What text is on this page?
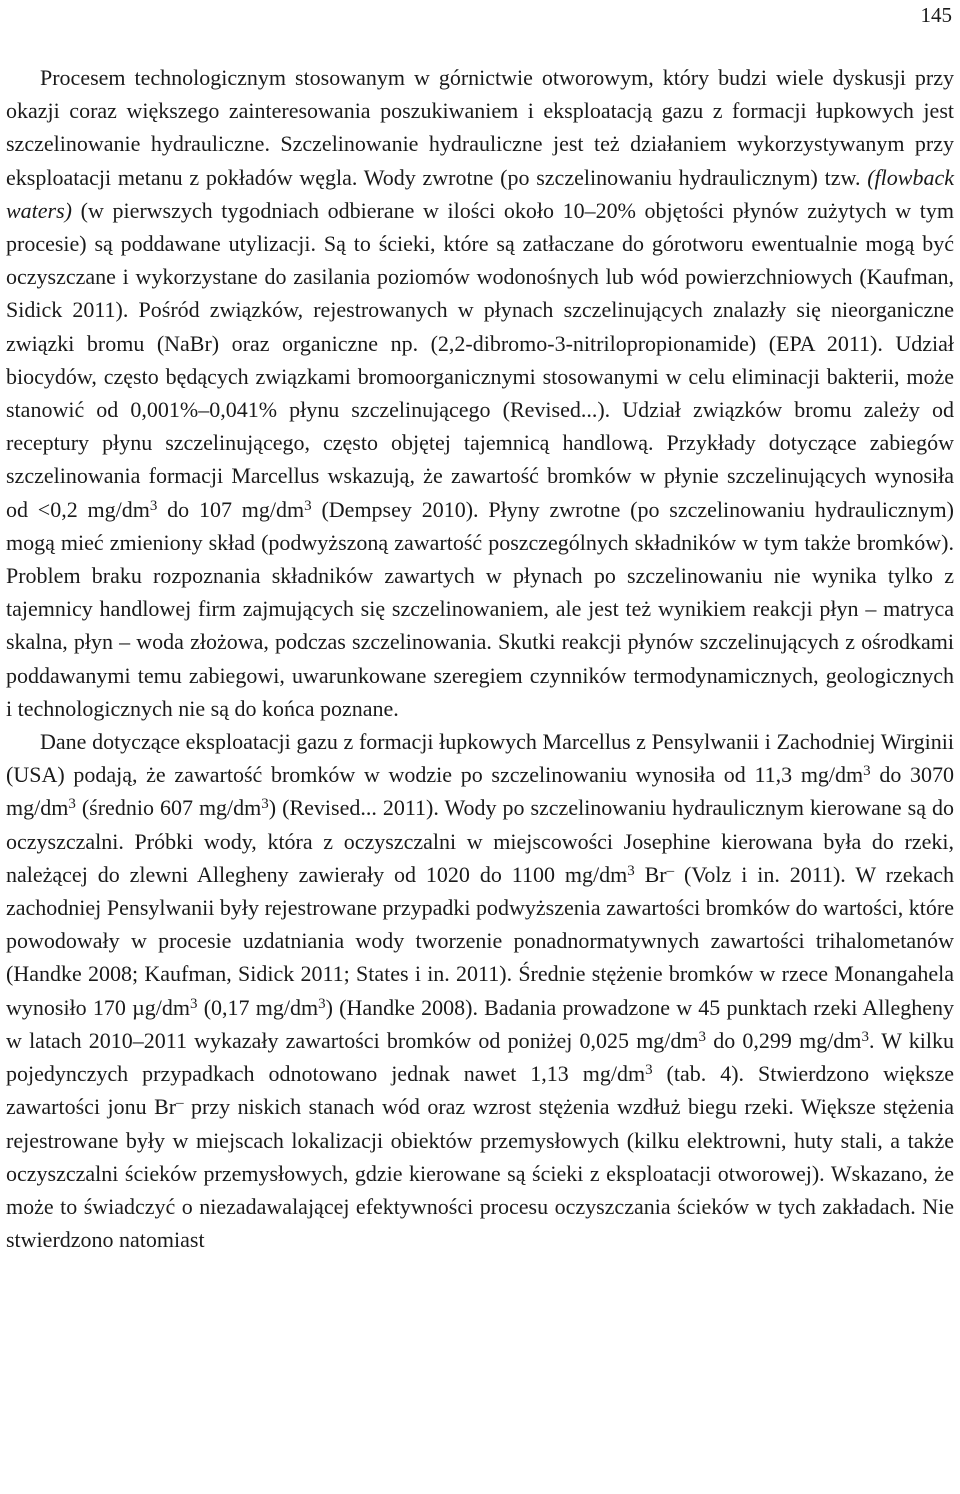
145

Procesem technologicznym stosowanym w górnictwie otworowym, który budzi wiele dyskusji przy okazji coraz większego zainteresowania poszukiwaniem i eksploatacją gazu z formacji łupkowych jest szczelinowanie hydrauliczne. Szczelinowanie hydrauliczne jest też działaniem wykorzystywanym przy eksploatacji metanu z pokładów węgla. Wody zwrotne (po szczelinowaniu hydraulicznym) tzw. (flowback waters) (w pierwszych tygodniach odbierane w ilości około 10–20% objętości płynów zużytych w tym procesie) są poddawane utylizacji. Są to ścieki, które są zatłaczane do górotworu ewentualnie mogą być oczyszczane i wykorzystane do zasilania poziomów wodonośnych lub wód powierzchniowych (Kaufman, Sidick 2011). Pośród związków, rejestrowanych w płynach szczelinujących znalazły się nieorganiczne związki bromu (NaBr) oraz organiczne np. (2,2-dibromo-3-nitrilopropionamide) (EPA 2011). Udział biocydów, często będących związkami bromoorganicznymi stosowanymi w celu eliminacji bakterii, może stanowić od 0,001%–0,041% płynu szczelinującego (Revised...). Udział związków bromu zależy od receptury płynu szczelinującego, często objętej tajemnicą handlową. Przykłady dotyczące zabiegów szczelinowania formacji Marcellus wskazują, że zawartość bromków w płynie szczelinujących wynosiła od <0,2 $mg/dm^3$ do 107 $mg/dm^3$ (Dempsey 2010). Płyny zwrotne (po szczelinowaniu hydraulicznym) mogą mieć zmieniony skład (podwyższoną zawartość poszczególnych składników w tym także bromków). Problem braku rozpoznania składników zawartych w płynach po szczelinowaniu nie wynika tylko z tajemnicy handlowej firm zajmujących się szczelinowaniem, ale jest też wynikiem reakcji płyn – matryca skalna, płyn – woda złożowa, podczas szczelinowania. Skutki reakcji płynów szczelinujących z ośrodkami poddawanymi temu zabiegowi, uwarunkowane szeregiem czynników termodynamicznych, geologicznych i technologicznych nie są do końca poznane.

Dane dotyczące eksploatacji gazu z formacji łupkowych Marcellus z Pensylwanii i Zachodniej Wirginii (USA) podają, że zawartość bromków w wodzie po szczelinowaniu wynosiła od 11,3 $mg/dm^3$ do 3070 $mg/dm^3$ (średnio 607 $mg/dm^3$) (Revised... 2011). Wody po szczelinowaniu hydraulicznym kierowane są do oczyszczalni. Próbki wody, która z oczyszczalni w miejscowości Josephine kierowana była do rzeki, należącej do zlewni Allegheny zawierały od 1020 do 1100 $mg/dm^3$ Br– (Volz i in. 2011). W rzekach zachodniej Pensylwanii były rejestrowane przypadki podwyższenia zawartości bromków do wartości, które powodowały w procesie uzdatniania wody tworzenie ponadnormatywnych zawartości trihalometanów (Handke 2008; Kaufman, Sidick 2011; States i in. 2011). Średnie stężenie bromków w rzece Monangahela wynosiło 170 $\mu g/dm^3$ (0,17 $mg/dm^3$) (Handke 2008). Badania prowadzone w 45 punktach rzeki Allegheny w latach 2010–2011 wykazały zawartości bromków od poniżej 0,025 $mg/dm^3$ do 0,299 $mg/dm^3$. W kilku pojedynczych przypadkach odnotowano jednak nawet 1,13 $mg/dm^3$ (tab. 4). Stwierdzono większe zawartości jonu Br– przy niskich stanach wód oraz wzrost stężenia wzdłuż biegu rzeki. Większe stężenia rejestrowane były w miejscach lokalizacji obiektów przemysłowych (kilku elektrowni, huty stali, a także oczyszczalni ścieków przemysłowych, gdzie kierowane są ścieki z eksploatacji otworowej). Wskazano, że może to świadczyć o niezadawalającej efektywności procesu oczyszczania ścieków w tych zakładach. Nie stwierdzono natomiast
